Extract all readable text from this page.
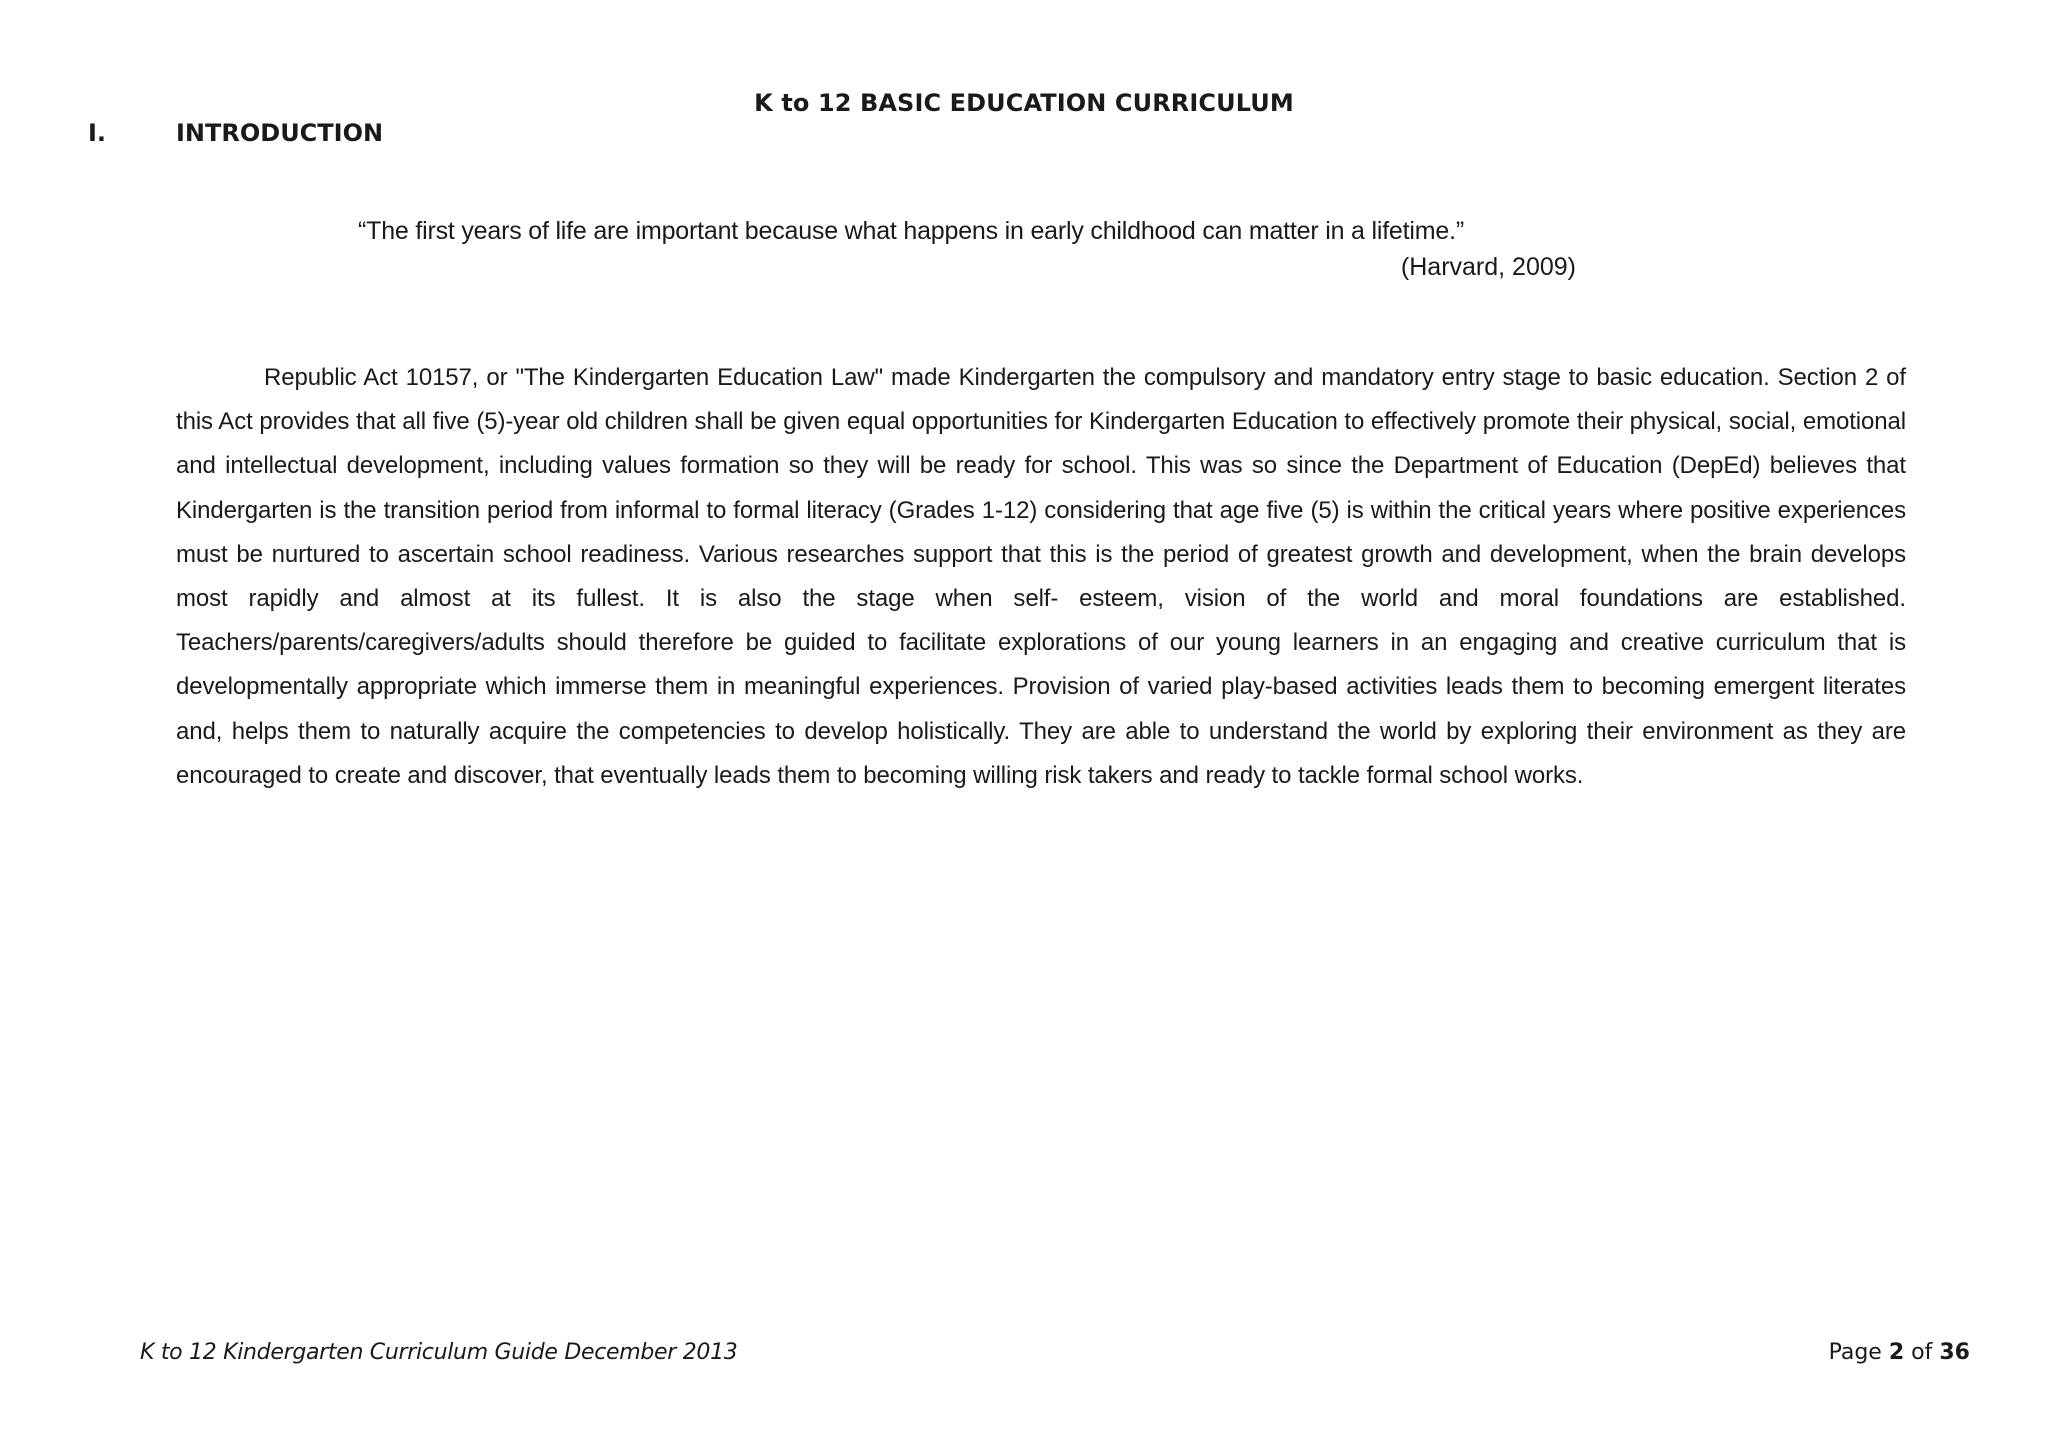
K to 12 BASIC EDUCATION CURRICULUM
I.	INTRODUCTION
“The first years of life are important because what happens in early childhood can matter in a lifetime.”
(Harvard, 2009)

Republic Act 10157, or "The Kindergarten Education Law" made Kindergarten the compulsory and mandatory entry stage to basic education. Section 2 of this Act provides that all five (5)-year old children shall be given equal opportunities for Kindergarten Education to effectively promote their physical, social, emotional and intellectual development, including values formation so they will be ready for school. This was so since the Department of Education (DepEd) believes that Kindergarten is the transition period from informal to formal literacy (Grades 1-12) considering that age five (5) is within the critical years where positive experiences must be nurtured to ascertain school readiness. Various researches support that this is the period of greatest growth and development, when the brain develops most rapidly and almost at its fullest. It is also the stage when self- esteem, vision of the world and moral foundations are established. Teachers/parents/caregivers/adults should therefore be guided to facilitate explorations of our young learners in an engaging and creative curriculum that is developmentally appropriate which immerse them in meaningful experiences. Provision of varied play-based activities leads them to becoming emergent literates and, helps them to naturally acquire the competencies to develop holistically. They are able to understand the world by exploring their environment as they are encouraged to create and discover, that eventually leads them to becoming willing risk takers and ready to tackle formal school works.

K to 12 Kindergarten Curriculum Guide December 2013	Page 2 of 36
